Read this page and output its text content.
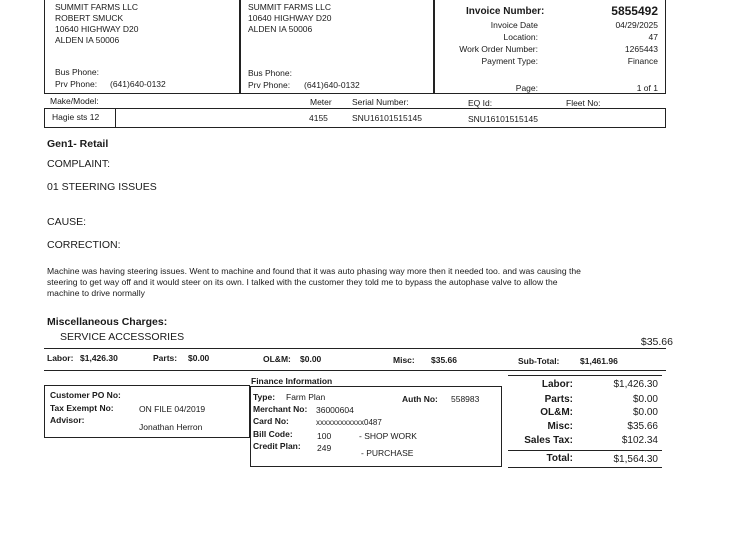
SUMMIT FARMS LLC
ROBERT SMUCK
10640 HIGHWAY D20
ALDEN IA 50006
Bus Phone:
Prv Phone: (641)640-0132
SUMMIT FARMS LLC
10640 HIGHWAY D20
ALDEN IA 50006
Bus Phone:
Prv Phone: (641)640-0132
Invoice Number:	5855492
Invoice Date	04/29/2025
Location:	47
Work Order Number:	1265443
Payment Type:	Finance
Page:	1 of 1
Make/Model:	Meter Serial Number:	EQ Id:	Fleet No:
Hagie sts 12	4155	SNU16101515145	SNU16101515145
Gen1- Retail
COMPLAINT:
01 STEERING ISSUES
CAUSE:
CORRECTION:
Machine was having steering issues. Went to machine and found that it was auto phasing way more then it needed too. and was causing the
steering to get way off and it would steer on its own. I talked with the customer they told me to bypass the autophase valve to allow the
machine to drive normally
Miscellaneous Charges:
SERVICE ACCESSORIES	$35.66
Labor: $1,426.30	Parts: $0.00	OL&M: $0.00	Misc: $35.66	Sub-Total: $1,461.96
Customer PO No:
Tax Exempt No:	ON FILE 04/2019
Advisor:
Jonathan Herron
Finance Information
Type: Farm Plan	Auth No: 558983
Merchant No: 36000604
Card No:	xxxxxxxxxxxx0487
Bill Code:	100	- SHOP WORK
Credit Plan: 249	- PURCHASE
Labor:	$1,426.30
Parts:	$0.00
OL&M:	$0.00
Misc:	$35.66
Sales Tax:	$102.34
Total:	$1,564.30
